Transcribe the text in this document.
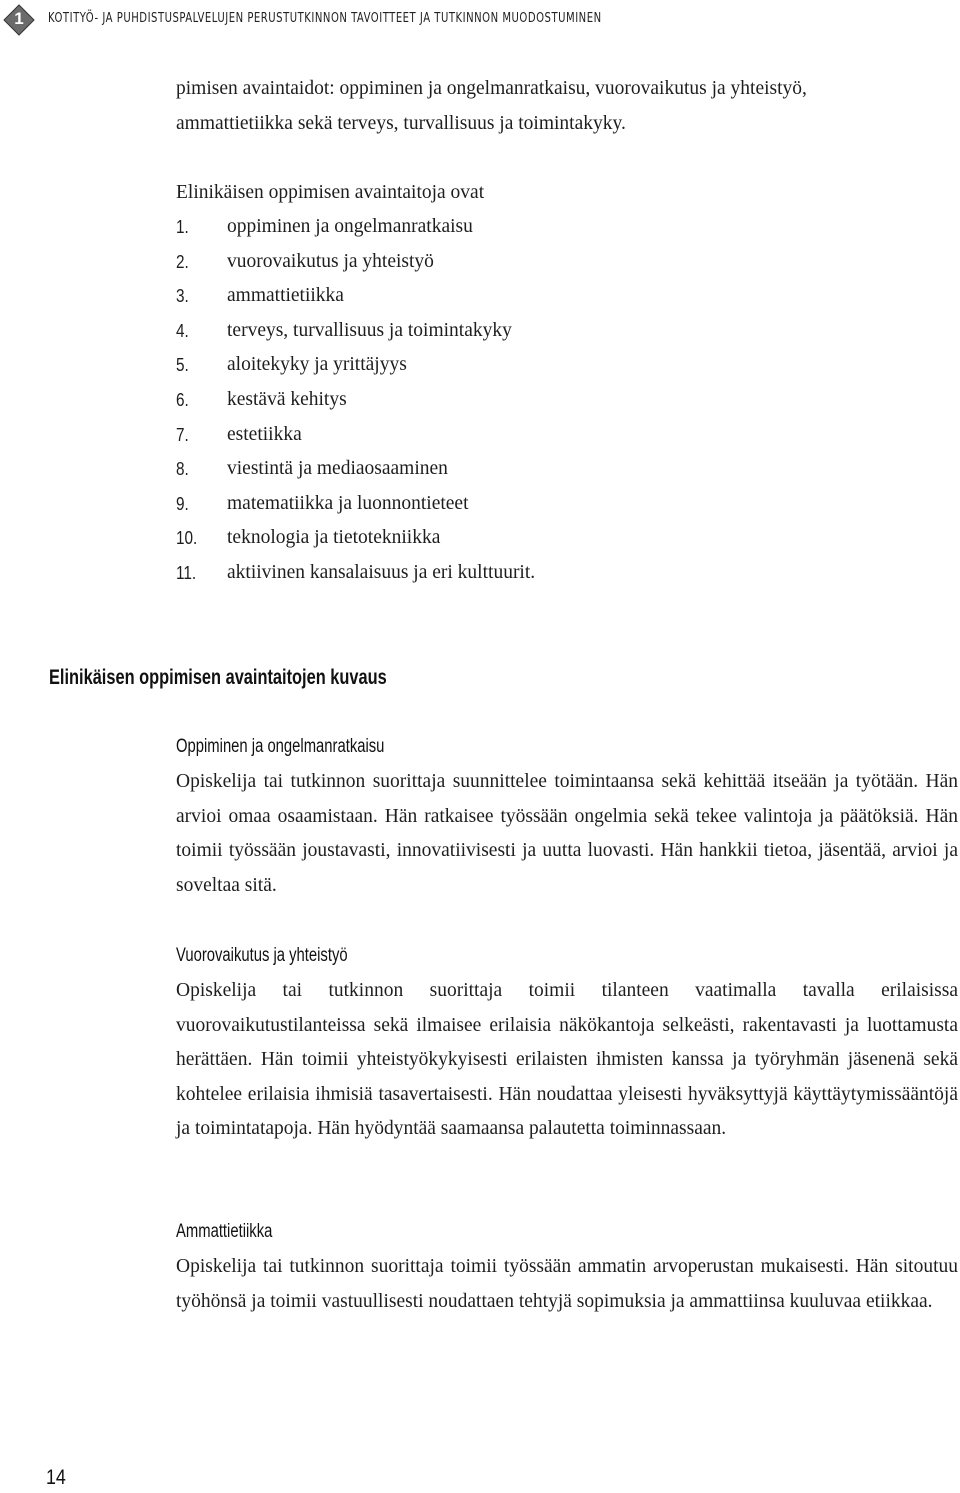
1	KOTITYÖ- JA PUHDISTUSPALVELUJEN PERUSTUTKINNON TAVOITTEET JA TUTKINNON MUODOSTUMINEN

pimisen avaintaidot: oppiminen ja ongelmanratkaisu, vuorovaikutus ja yhteistyö,

ammattietiikka sekä terveys, turvallisuus ja toimintakyky.

Elinikäisen oppimisen avaintaitoja ovat

1. oppiminen ja ongelmanratkaisu
2. vuorovaikutus ja yhteistyö
3. ammattietiikka
4. terveys, turvallisuus ja toimintakyky
5. aloitekyky ja yrittäjyys
6. kestävä kehitys
7. estetiikka
8. viestintä ja mediaosaaminen
9. matematiikka ja luonnontieteet
10. teknologia ja tietotekniikka
11. aktiivinen kansalaisuus ja eri kulttuurit.
Elinikäisen oppimisen avaintaitojen kuvaus
Oppiminen ja ongelmanratkaisu

Opiskelija tai tutkinnon suorittaja suunnittelee toimintaansa sekä kehittää itseään ja työtään. Hän arvioi omaa osaamistaan. Hän ratkaisee työssään ongelmia sekä tekee valintoja ja päätöksiä. Hän toimii työssään joustavasti, innovatiivisesti ja uutta luovasti. Hän hankkii tietoa, jäsentää, arvioi ja soveltaa sitä.

Vuorovaikutus ja yhteistyö

Opiskelija tai tutkinnon suorittaja toimii tilanteen vaatimalla tavalla erilaisissa vuorovaikutustilanteissa sekä ilmaisee erilaisia näkökantoja selkeästi, rakentavasti ja luottamusta herättäen. Hän toimii yhteistyökykyisesti erilaisten ihmisten kanssa ja työryhmän jäsenenä sekä kohtelee erilaisia ihmisiä tasavertaisesti. Hän noudattaa yleisesti hyväksyttyjä käyttäytymissääntöjä ja toimintatapoja. Hän hyödyntää saamaansa palautetta toiminnassaan.

Ammattietiikka

Opiskelija tai tutkinnon suorittaja toimii työssään ammatin arvoperustan mukaisesti. Hän sitoutuu työhönsä ja toimii vastuullisesti noudattaen tehtyjä sopimuksia ja ammattiinsa kuuluvaa etiikkaa.

14
